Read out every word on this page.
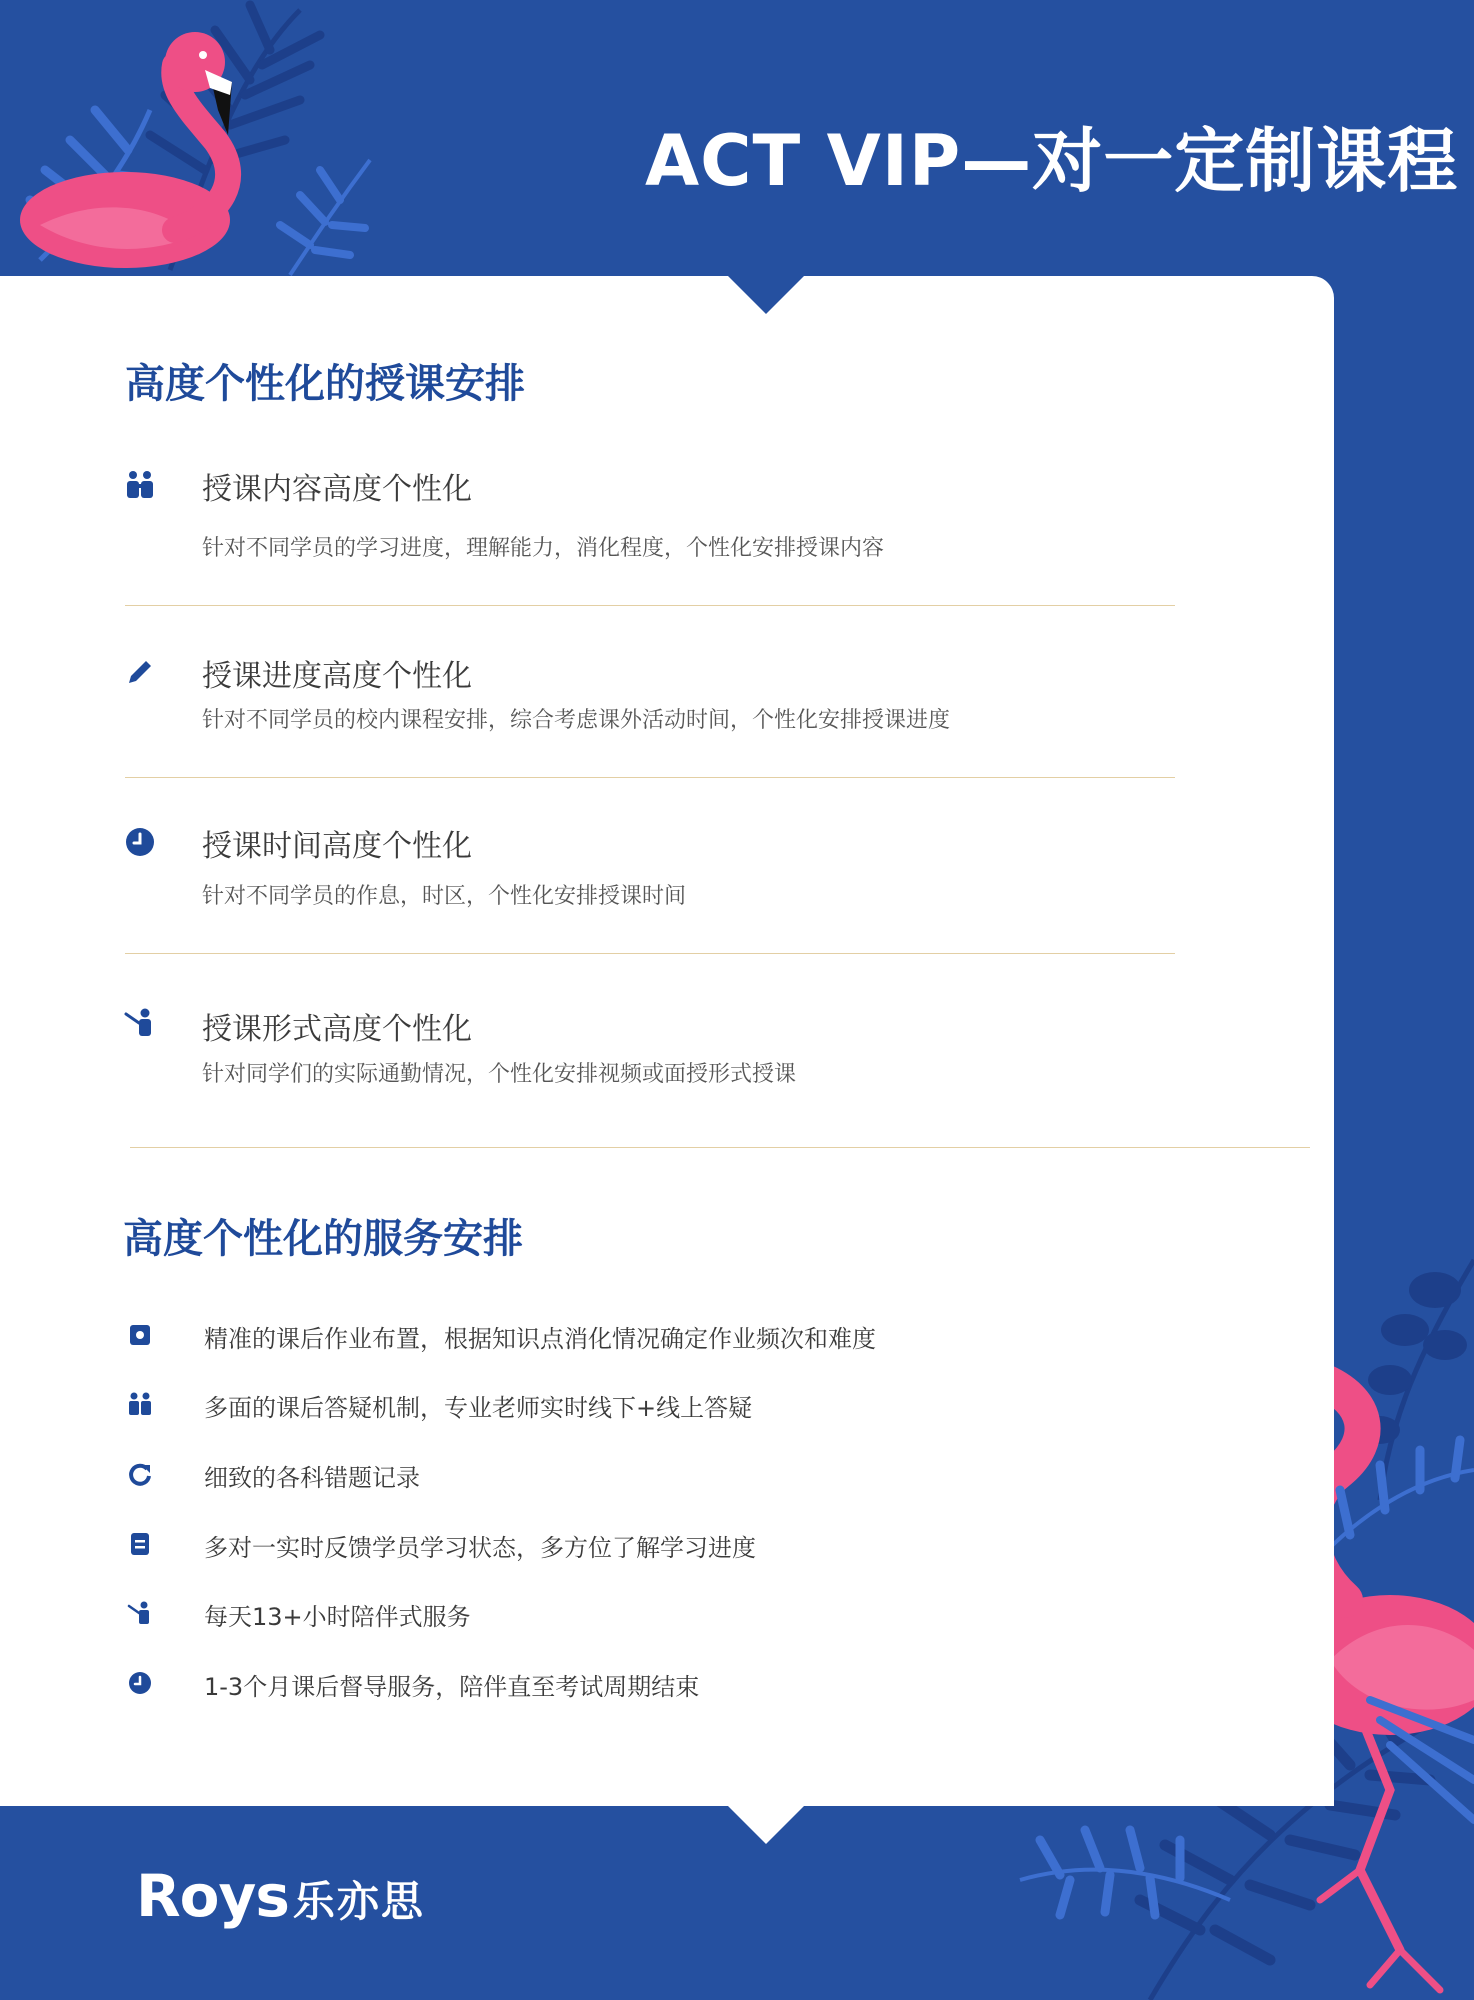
ACT VIP—对一定制课程
高度个性化的授课安排
授课内容高度个性化
针对不同学员的学习进度，理解能力，消化程度，个性化安排授课内容
授课进度高度个性化
针对不同学员的校内课程安排，综合考虑课外活动时间，个性化安排授课进度
授课时间高度个性化
针对不同学员的作息，时区，个性化安排授课时间
授课形式高度个性化
针对同学们的实际通勤情况，个性化安排视频或面授形式授课
高度个性化的服务安排
精准的课后作业布置，根据知识点消化情况确定作业频次和难度
多面的课后答疑机制，专业老师实时线下+线上答疑
细致的各科错题记录
多对一实时反馈学员学习状态，多方位了解学习进度
每天13+小时陪伴式服务
1-3个月课后督导服务，陪伴直至考试周期结束
Roys乐亦思
